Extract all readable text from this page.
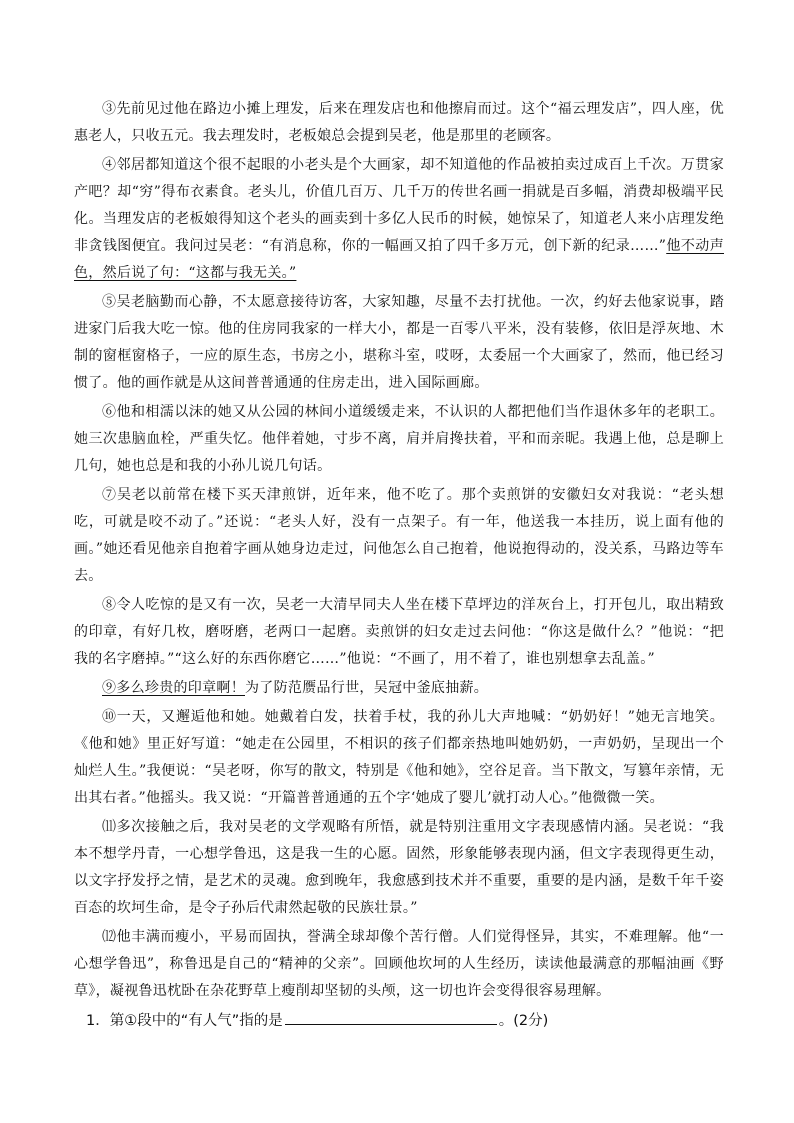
③先前见过他在路边小摊上理发，后来在理发店也和他擦肩而过。这个“福云理发店”，四人座，优惠老人，只收五元。我去理发时，老板娘总会提到吴老，他是那里的老顾客。

④邻居都知道这个很不起眼的小老头是个大画家，却不知道他的作品被拍卖过成百上千次。万贯家产吧？却“穷”得布衣素食。老头儿，价值几百万、几千万的传世名画一捐就是百多幅，消费却极端平民化。当理发店的老板娘得知这个老头的画卖到十多亿人民币的时候，她惊呆了，知道老人来小店理发绝非贪钱图便宜。我问过吴老：“有消息称，你的一幅画又拍了四千多万元，创下新的纪录……”他不动声色，然后说了句：“这都与我无关。”

⑤吴老脑勤而心静，不太愿意接待访客，大家知趣，尽量不去打扰他。一次，约好去他家说事，踏进家门后我大吃一惊。他的住房同我家的一样大小，都是一百零八平米，没有装修，依旧是浮灰地、木制的窗框窗格子，一应的原生态，书房之小，堪称斗室，哎呀，太委屈一个大画家了，然而，他已经习惯了。他的画作就是从这间普普通通的住房走出，进入国际画廊。

⑥他和相濡以沫的她又从公园的林间小道缓缓走来，不认识的人都把他们当作退休多年的老职工。她三次患脑血栓，严重失忆。他伴着她，寸步不离，肩并肩搀扶着，平和而亲昵。我遇上他，总是聊上几句，她也总是和我的小孙儿说几句话。

⑦吴老以前常在楼下买天津煎饼，近年来，他不吃了。那个卖煎饼的安徽妇女对我说：“老头想吃，可就是咬不动了。”还说：“老头人好，没有一点架子。有一年，他送我一本挂历，说上面有他的画。”她还看见他亲自抱着字画从她身边走过，问他怎么自己抱着，他说抱得动的，没关系，马路边等车去。

⑧令人吃惊的是又有一次，吴老一大清早同夫人坐在楼下草坪边的洋灰台上，打开包儿，取出精致的印章，有好几枚，磨呀磨，老两口一起磨。卖煎饼的妇女走过去问他：“你这是做什么？”他说：“把我的名字磨掉。”“这么好的东西你磨它……”他说：“不画了，用不着了，谁也别想拿去乱盖。”

⑨多么珍贵的印章啊！为了防范赝品行世，吴冠中釜底抽薪。

⑩一天，又邂逅他和她。她戴着白发，扶着手杖，我的孙儿大声地喊：“奶奶好！”她无言地笑。《他和她》里正好写道：“她走在公园里，不相识的孩子们都亲热地叫她奶奶，一声奶奶，呈现出一个灿烂人生。”我便说：“吴老呀，你写的散文，特别是《他和她》，空谷足音。当下散文，写篡年亲情，无出其右者。”他摇头。我又说：“开篇普普通通的五个字‘她成了婴儿’就打动人心。”他微微一笑。

⑾多次接触之后，我对吴老的文学观略有所悟，就是特别注重用文字表现感情内涵。吴老说：“我本不想学丹青，一心想学鲁迅，这是我一生的心愿。固然，形象能够表现内涵，但文字表现得更生动，以文字抒发抒之情，是艺术的灵魂。愈到晚年，我愈感到技术并不重要，重要的是内涵，是数千年千姿百态的坎坷生命，是令子孙后代肃然起敬的民族壮景。”

⑿他丰满而瘦小，平易而固执，誉满全球却像个苦行僧。人们觉得怪异，其实，不难理解。他“一心想学鲁迅”，称鲁迅是自己的“精神的父亲”。回顾他坎坷的人生经历，读读他最满意的那幅油画《野草》，凝视鲁迅枕卧在杂花野草上瘦削却坚韧的头颅，这一切也许会变得很容易理解。

1．第①段中的“有人气”指的是	。(2分)
